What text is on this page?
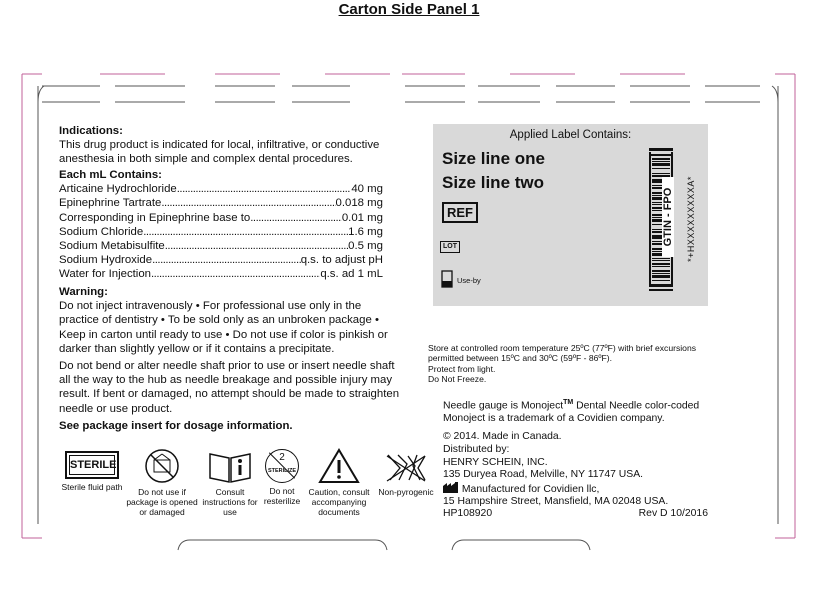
Carton Side Panel 1
Indications:
This drug product is indicated for local, infiltrative, or conductive anesthesia in both simple and complex dental procedures.
Each mL Contains:
Articaine Hydrochloride .....	40 mg
Epinephrine Tartrate .....	0.018 mg
Corresponding in Epinephrine base to .....	0.01 mg
Sodium Chloride .....	1.6 mg
Sodium Metabisulfite .....	0.5 mg
Sodium Hydroxide .....	q.s. to adjust pH
Water for Injection .....	q.s. ad 1 mL
Warning:
Do not inject intravenously • For professional use only in the practice of dentistry • To be sold only as an unbroken package • Keep in carton until ready to use • Do not use if color is pinkish or darker than slightly yellow or if it contains a precipitate.
Do not bend or alter needle shaft prior to use or insert needle shaft all the way to the hub as needle breakage and possible injury may result. If bent or damaged, no attempt should be made to straighten needle or use product.
See package insert for dosage information.
STERILE
Sterile fluid path	Do not use if package is opened or damaged
Consult instructions for use
2
STERILIZE
Do not resterilize
Caution, consult accompanying documents
Non-pyrogenic
Applied Label Contains:
Size line one
Size line two
REF
LOT
Use-by
GTIN - FPO *+HXXXXXXXXXA*
Store at controlled room temperature 25ºC (77ºF) with brief excursions
permitted between 15ºC and 30ºC (59ºF - 86ºF).
Protect from light.
Do Not Freeze.
Needle gauge is Monoject™ Dental Needle color-coded
Monoject is a trademark of a Covidien company.
© 2014. Made in Canada.
Distributed by:
HENRY SCHEIN, INC.
135 Duryea Road, Melville, NY 11747 USA.
Manufactured for Covidien llc,
15 Hampshire Street, Mansfield, MA 02048 USA.
HP108920	Rev D 10/2016
